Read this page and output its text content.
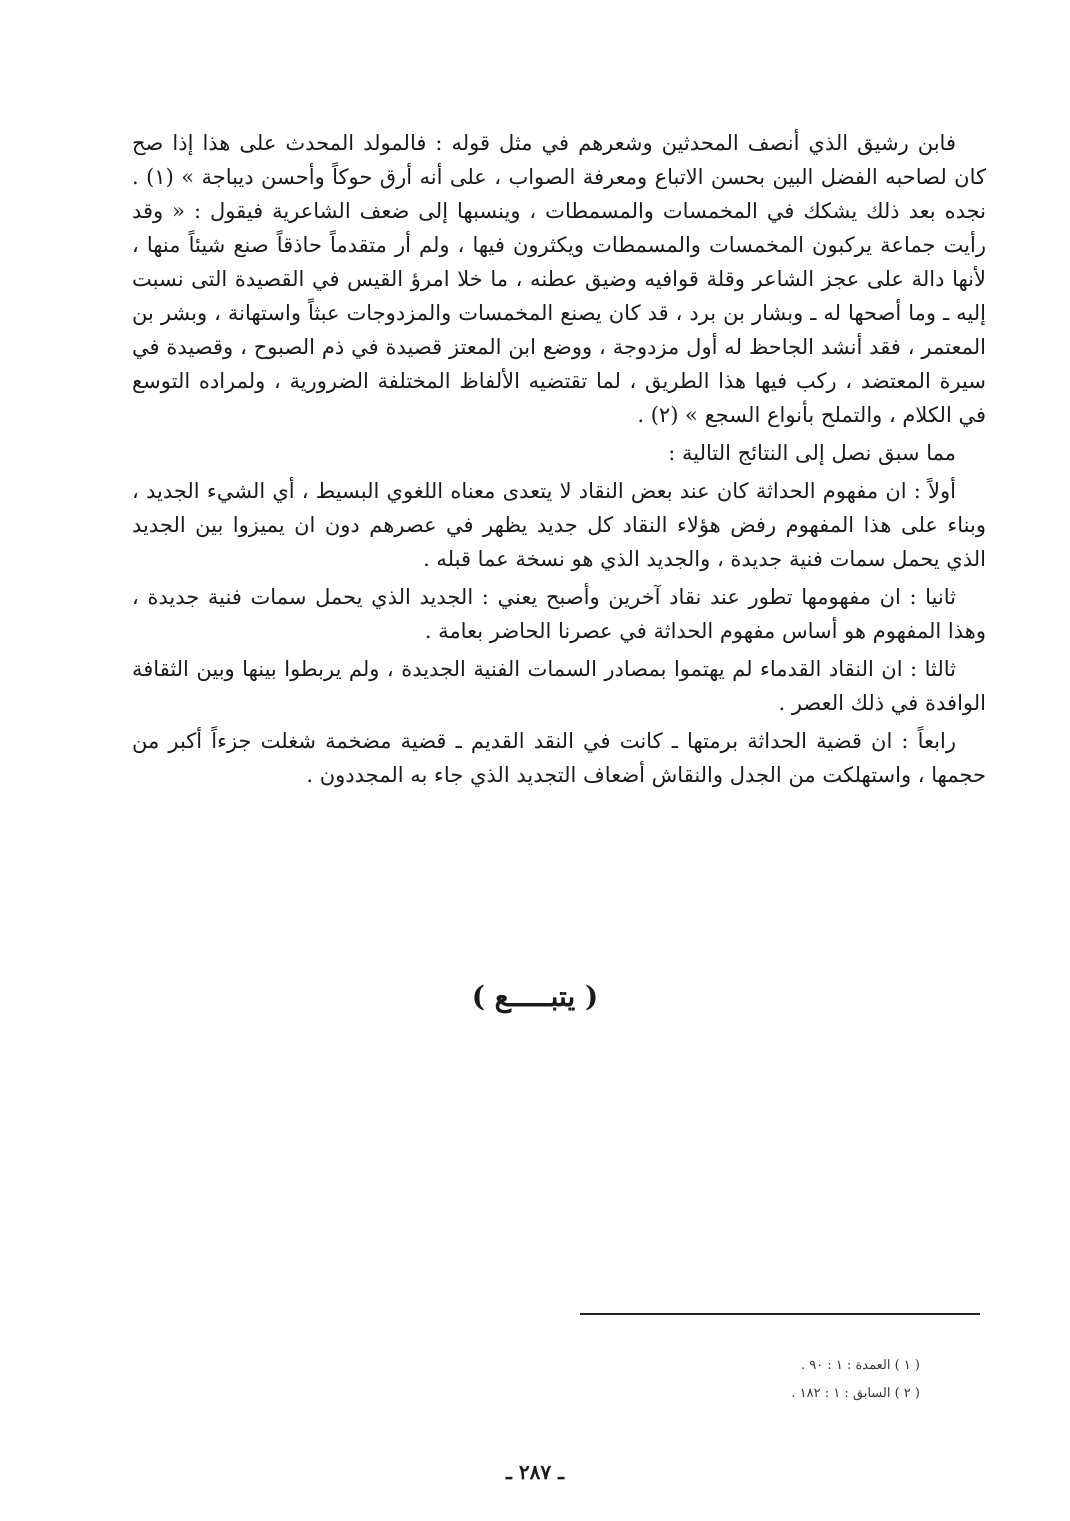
فابن رشيق الذي أنصف المحدثين وشعرهم في مثل قوله : فالمولد المحدث على هذا إذا صح كان لصاحبه الفضل البين بحسن الاتباع ومعرفة الصواب ، على أنه أرق حوكاً وأحسن ديباجة » (١) . نجده بعد ذلك يشكك في المخمسات والمسمطات ، وينسبها إلى ضعف الشاعرية فيقول : « وقد رأيت جماعة يركبون المخمسات والمسمطات ويكثرون فيها ، ولم أر متقدماً حاذقاً صنع شيئاً منها ، لأنها دالة على عجز الشاعر وقلة قوافيه وضيق عطنه ، ما خلا امرؤ القيس في القصيدة التى نسبت إليه ـ وما أصحها له ـ وبشار بن برد ، قد كان يصنع المخمسات والمزدوجات عبثاً واستهانة ، وبشر بن المعتمر ، فقد أنشد الجاحظ له أول مزدوجة ، ووضع ابن المعتز قصيدة في ذم الصبوح ، وقصيدة في سيرة المعتضد ، ركب فيها هذا الطريق ، لما تقتضيه الألفاظ المختلفة الضرورية ، ولمراده التوسع في الكلام ، والتملح بأنواع السجع » (٢) .

مما سبق نصل إلى النتائج التالية :

أولاً : ان مفهوم الحداثة كان عند بعض النقاد لا يتعدى معناه اللغوي البسيط ، أي الشيء الجديد ، وبناء على هذا المفهوم رفض هؤلاء النقاد كل جديد يظهر في عصرهم دون ان يميزوا بين الجديد الذي يحمل سمات فنية جديدة ، والجديد الذي هو نسخة عما قبله .

ثانيا : ان مفهومها تطور عند نقاد آخرين وأصبح يعني : الجديد الذي يحمل سمات فنية جديدة ، وهذا المفهوم هو أساس مفهوم الحداثة في عصرنا الحاضر بعامة .

ثالثا : ان النقاد القدماء لم يهتموا بمصادر السمات الفنية الجديدة ، ولم يربطوا بينها وبين الثقافة الوافدة في ذلك العصر .

رابعاً : ان قضية الحداثة برمتها ـ كانت في النقد القديم ـ قضية مضخمة شغلت جزءاً أكبر من حجمها ، واستهلكت من الجدل والنقاش أضعاف التجديد الذي جاء به المجددون .

( يتبـــــع )
( ١ ) العمدة : ١ : ٩٠ .
( ٢ ) السابق : ١ : ١٨٢ .
ـ ٢٨٧ ـ
